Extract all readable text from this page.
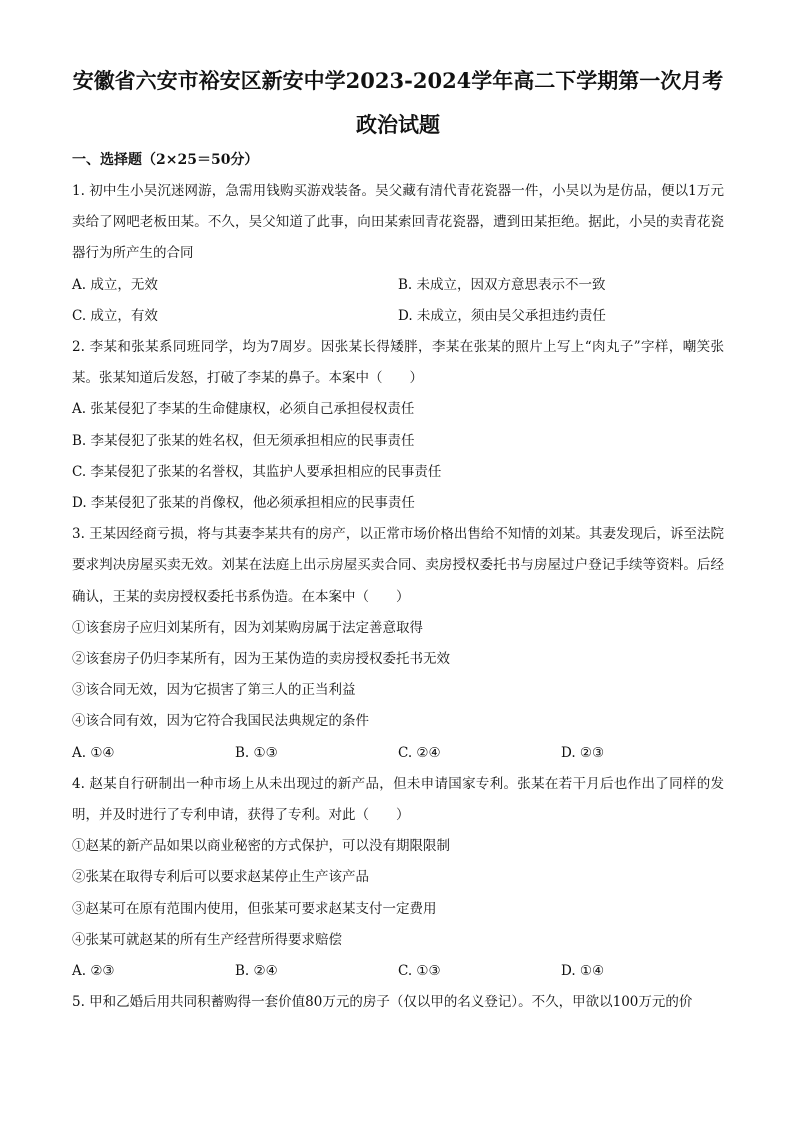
安徽省六安市裕安区新安中学2023-2024学年高二下学期第一次月考
政治试题
一、选择题（2×25＝50分）
1. 初中生小吴沉迷网游，急需用钱购买游戏装备。吴父藏有清代青花瓷器一件，小吴以为是仿品，便以1万元卖给了网吧老板田某。不久，吴父知道了此事，向田某索回青花瓷器，遭到田某拒绝。据此，小吴的卖青花瓷器行为所产生的合同
A. 成立，无效	B. 未成立，因双方意思表示不一致
C. 成立，有效	D. 未成立，须由吴父承担违约责任
2. 李某和张某系同班同学，均为7周岁。因张某长得矮胖，李某在张某的照片上写上“肉丸子”字样，嘲笑张某。张某知道后发怒，打破了李某的鼻子。本案中（　　）
A. 张某侵犯了李某的生命健康权，必须自己承担侵权责任
B. 李某侵犯了张某的姓名权，但无须承担相应的民事责任
C. 李某侵犯了张某的名誉权，其监护人要承担相应的民事责任
D. 李某侵犯了张某的肖像权，他必须承担相应的民事责任
3. 王某因经商亏损，将与其妻李某共有的房产，以正常市场价格出售给不知情的刘某。其妻发现后，诉至法院要求判决房屋买卖无效。刘某在法庭上出示房屋买卖合同、卖房授权委托书与房屋过户登记手续等资料。后经确认，王某的卖房授权委托书系伪造。在本案中（　　）
①该套房子应归刘某所有，因为刘某购房属于法定善意取得
②该套房子仍归李某所有，因为王某伪造的卖房授权委托书无效
③该合同无效，因为它损害了第三人的正当利益
④该合同有效，因为它符合我国民法典规定的条件
A. ①④	B. ①③	C. ②④	D. ②③
4. 赵某自行研制出一种市场上从未出现过的新产品，但未申请国家专利。张某在若干月后也作出了同样的发明，并及时进行了专利申请，获得了专利。对此（　　）
①赵某的新产品如果以商业秘密的方式保护，可以没有期限限制
②张某在取得专利后可以要求赵某停止生产该产品
③赵某可在原有范围内使用，但张某可要求赵某支付一定费用
④张某可就赵某的所有生产经营所得要求赔偿
A. ②③	B. ②④	C. ①③	D. ①④
5. 甲和乙婚后用共同积蓄购得一套价值80万元的房子（仅以甲的名义登记）。不久，甲欲以100万元的价
